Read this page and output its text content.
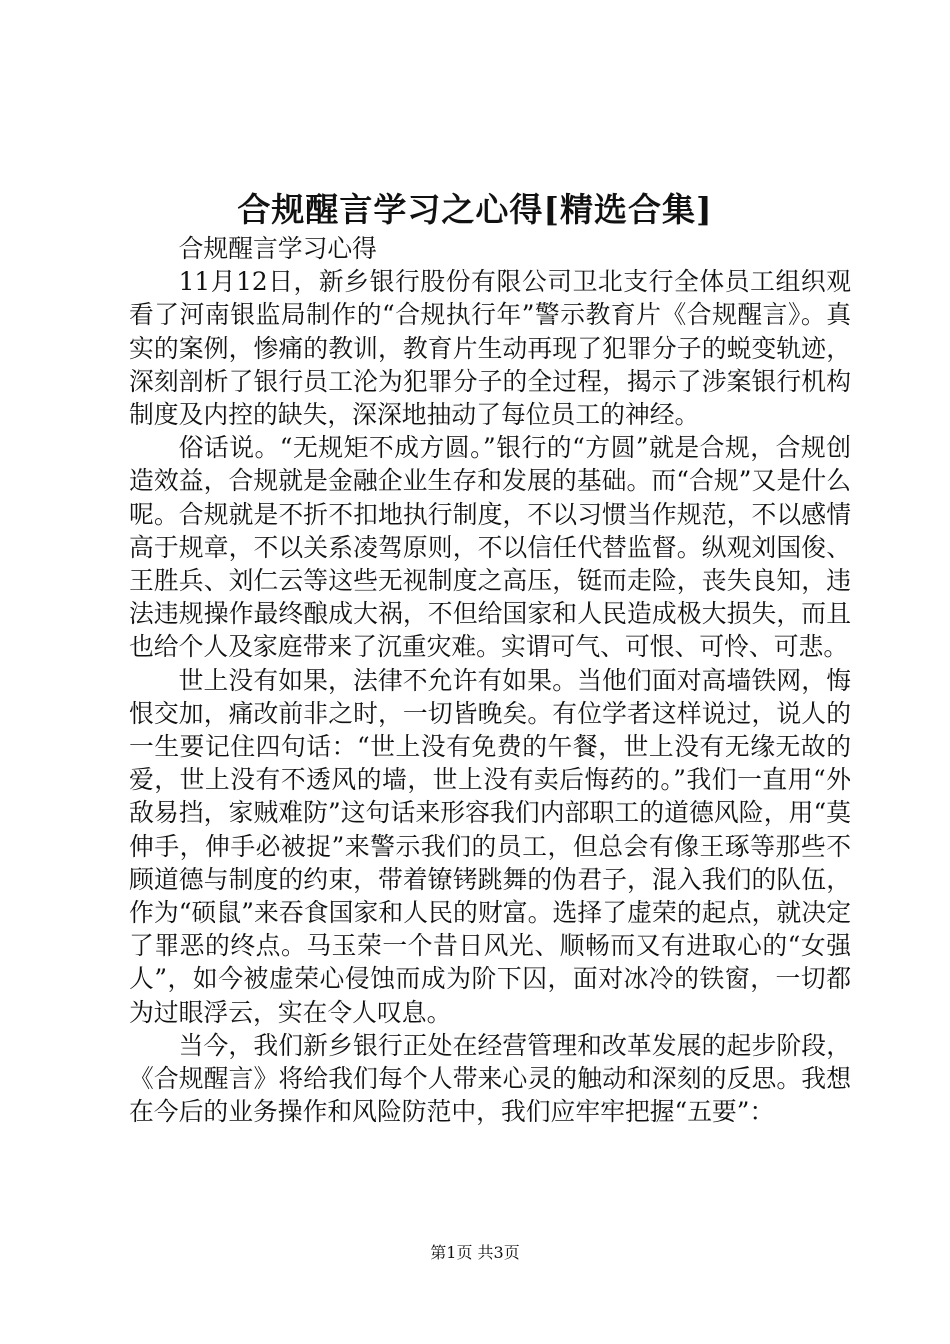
合规醒言学习之心得[精选合集]

合规醒言学习心得

11月12日，新乡银行股份有限公司卫北支行全体员工组织观看了河南银监局制作的“合规执行年”警示教育片《合规醒言》。真实的案例，惨痛的教训，教育片生动再现了犯罪分子的蜕变轨迹，深刻剖析了银行员工沦为犯罪分子的全过程，揭示了涉案银行机构制度及内控的缺失，深深地抽动了每位员工的神经。

俗话说。“无规矩不成方圆。”银行的“方圆”就是合规，合规创造效益，合规就是金融企业生存和发展的基础。而“合规”又是什么呢。合规就是不折不扣地执行制度，不以习惯当作规范，不以感情高于规章，不以关系凌驾原则，不以信任代替监督。纵观刘国俊、王胜兵、刘仁云等这些无视制度之高压，铤而走险，丧失良知，违法违规操作最终酿成大祸，不但给国家和人民造成极大损失，而且也给个人及家庭带来了沉重灾难。实谓可气、可恨、可怜、可悲。

世上没有如果，法律不允许有如果。当他们面对高墙铁网，悔恨交加，痛改前非之时，一切皆晚矣。有位学者这样说过，说人的一生要记住四句话：“世上没有免费的午餐，世上没有无缘无故的爱，世上没有不透风的墙，世上没有卖后悔药的。”我们一直用“外敌易挡，家贼难防”这句话来形容我们内部职工的道德风险，用“莫伸手，伸手必被捉”来警示我们的员工，但总会有像王琢等那些不顾道德与制度的约束，带着镣铐跳舞的伪君子，混入我们的队伍，作为“硕鼠”来吞食国家和人民的财富。选择了虚荣的起点，就决定了罪恶的终点。马玉荣一个昔日风光、顺畅而又有进取心的“女强人”，如今被虚荣心侵蚀而成为阶下囚，面对冰冷的铁窗，一切都为过眼浮云，实在令人叹息。

当今，我们新乡银行正处在经营管理和改革发展的起步阶段，《合规醒言》将给我们每个人带来心灵的触动和深刻的反思。我想在今后的业务操作和风险防范中，我们应牢牢把握“五要”：

第1页 共3页
